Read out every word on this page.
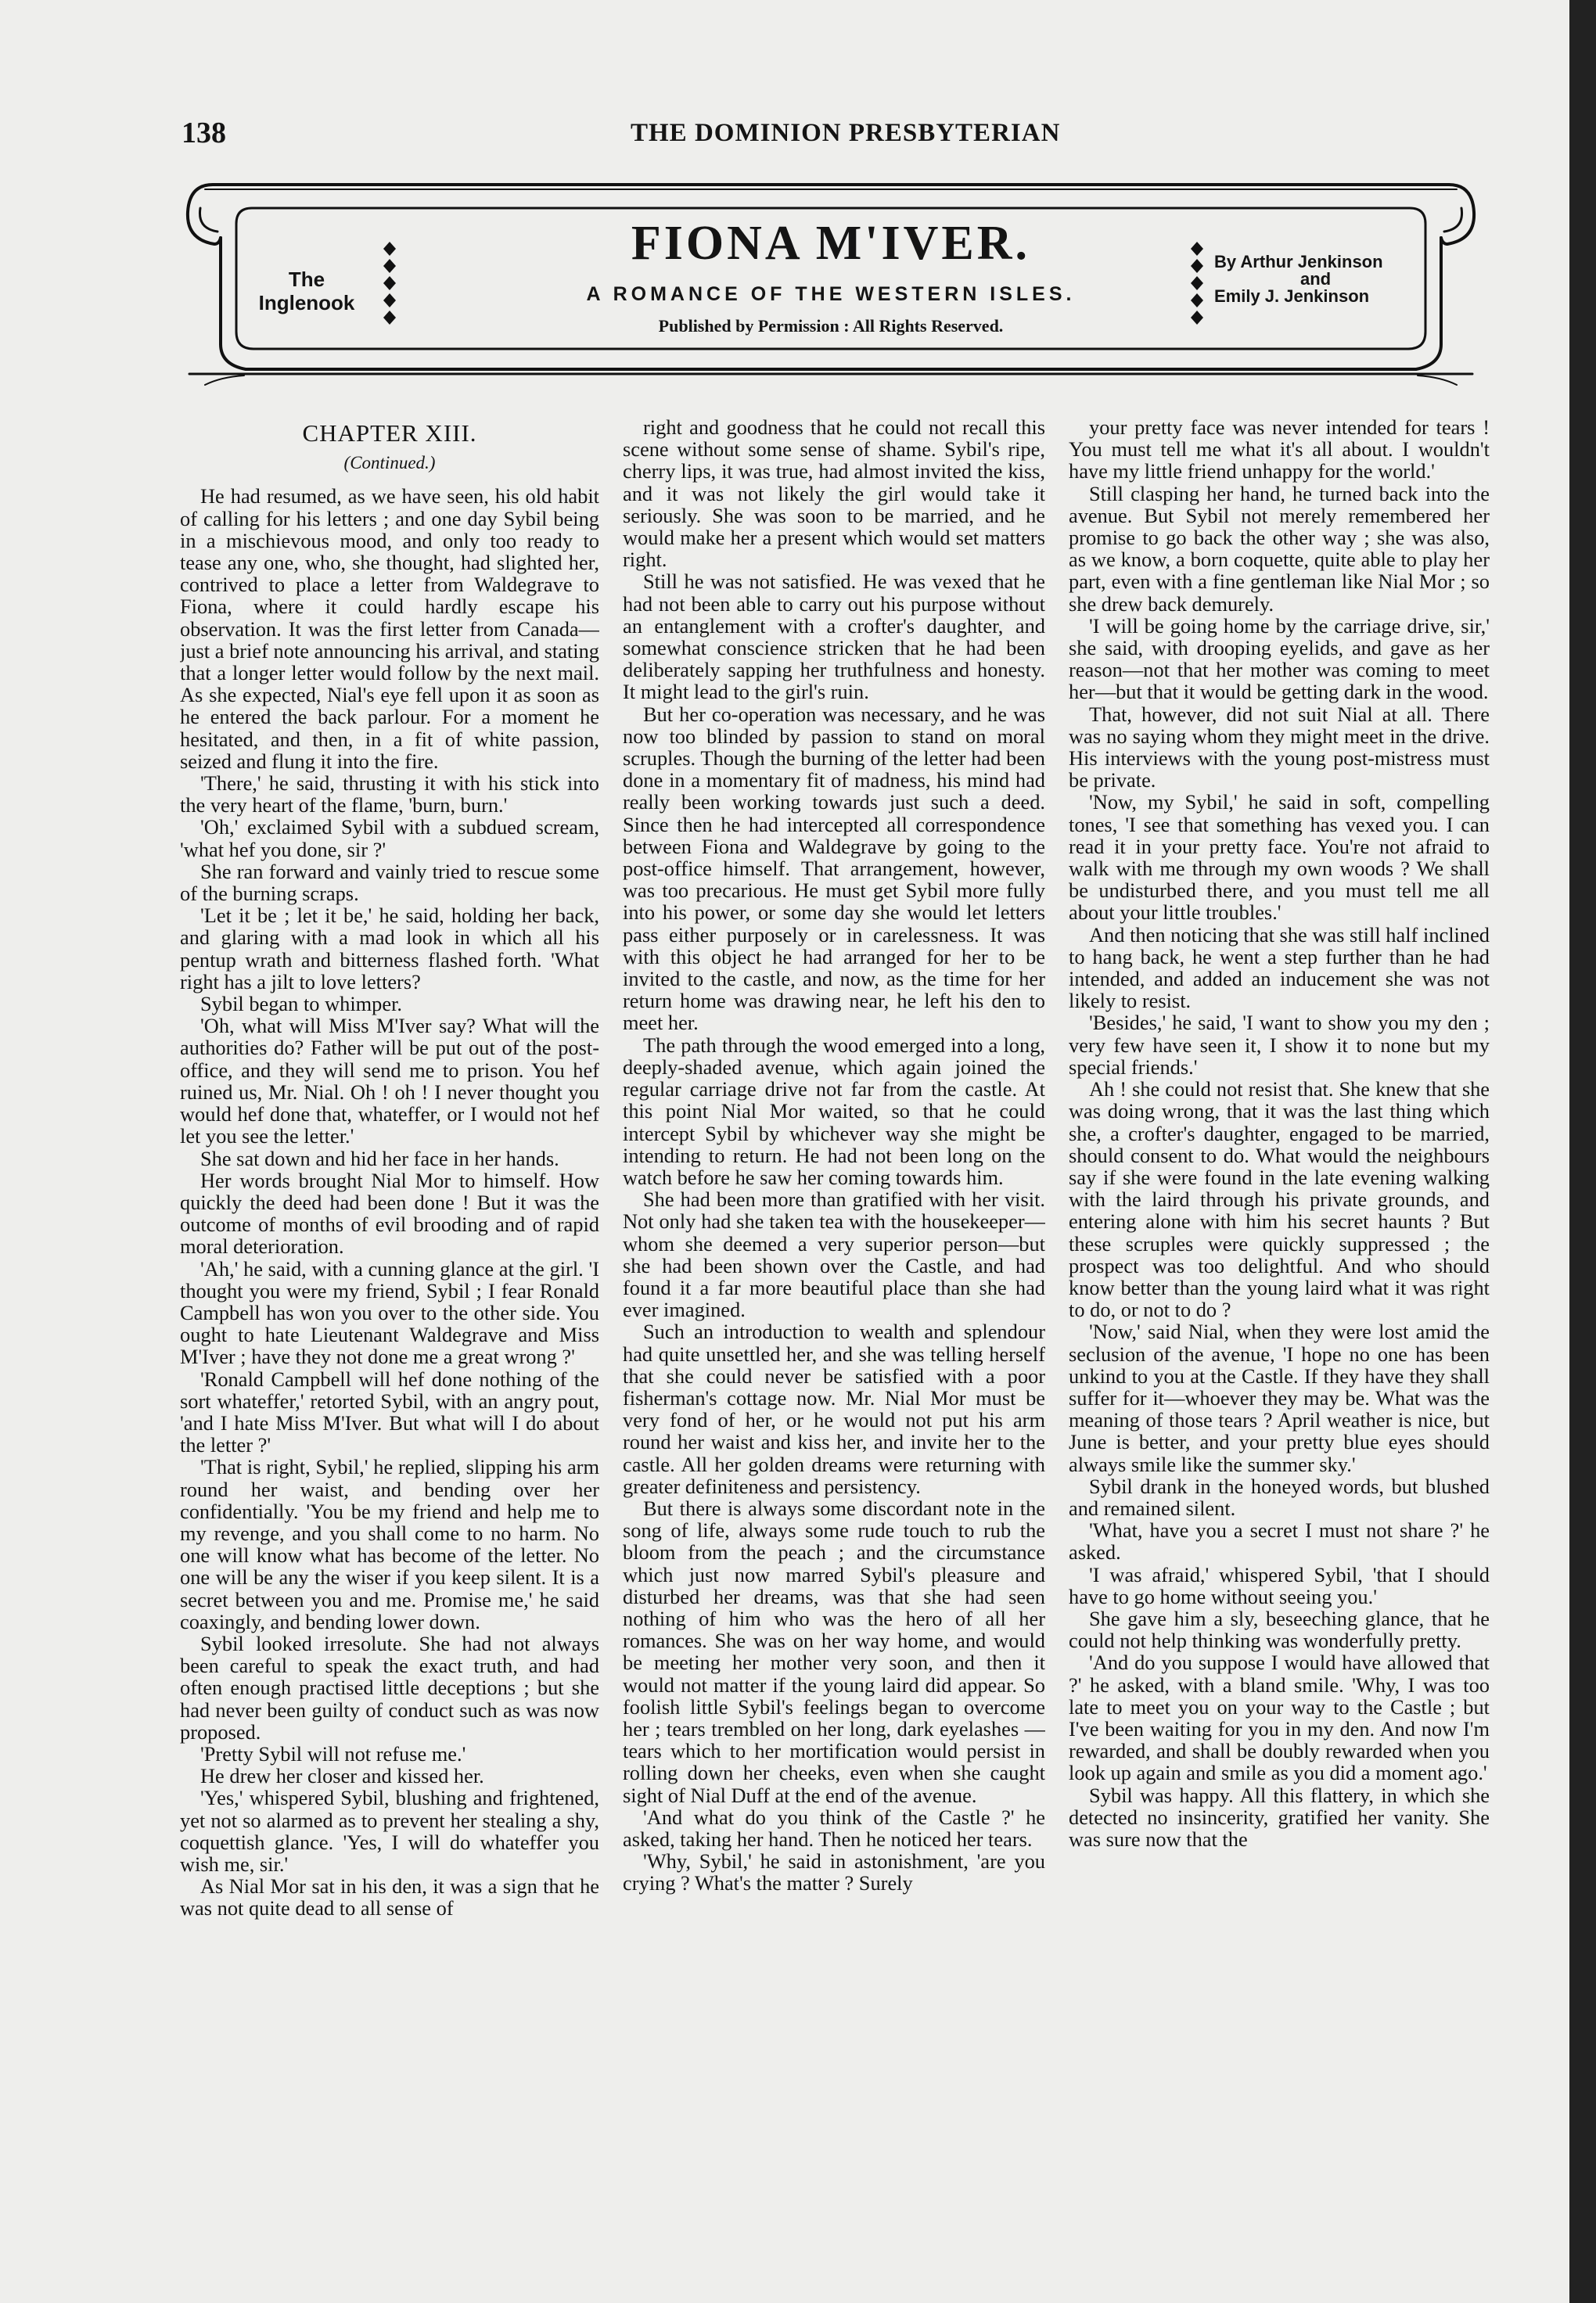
138	THE DOMINION PRESBYTERIAN
The Inglenook
FIONA M'IVER.
A ROMANCE OF THE WESTERN ISLES.
Published by Permission : All Rights Reserved.
By Arthur Jenkinson
and
Emily J. Jenkinson
CHAPTER XIII.
(Continued.)

He had resumed, as we have seen, his old habit of calling for his letters ; and one day Sybil being in a mischievous mood, and only too ready to tease any one, who, she thought, had slighted her, contrived to place a letter from Waldegrave to Fiona, where it could hardly escape his observation. It was the first letter from Canada—just a brief note announcing his arrival, and stating that a longer letter would follow by the next mail. As she expected, Nial's eye fell upon it as soon as he entered the back parlour. For a moment he hesitated, and then, in a fit of white passion, seized and flung it into the fire.

'There,' he said, thrusting it with his stick into the very heart of the flame, 'burn, burn.'

'Oh,' exclaimed Sybil with a subdued scream, 'what hef you done, sir ?'

She ran forward and vainly tried to rescue some of the burning scraps.

'Let it be ; let it be,' he said, holding her back, and glaring with a mad look in which all his pentup wrath and bitterness flashed forth. 'What right has a jilt to love letters?

Sybil began to whimper.

'Oh, what will Miss M'Iver say? What will the authorities do? Father will be put out of the post-office, and they will send me to prison. You hef ruined us, Mr. Nial. Oh ! oh ! I never thought you would hef done that, whateffer, or I would not hef let you see the letter.'

She sat down and hid her face in her hands.

Her words brought Nial Mor to himself. How quickly the deed had been done ! But it was the outcome of months of evil brooding and of rapid moral deterioration.

'Ah,' he said, with a cunning glance at the girl. 'I thought you were my friend, Sybil ; I fear Ronald Campbell has won you over to the other side. You ought to hate Lieutenant Waldegrave and Miss M'Iver ; have they not done me a great wrong ?'

'Ronald Campbell will hef done nothing of the sort whateffer,' retorted Sybil, with an angry pout, 'and I hate Miss M'Iver. But what will I do about the letter ?'

'That is right, Sybil,' he replied, slipping his arm round her waist, and bending over her confidentially. 'You be my friend and help me to my revenge, and you shall come to no harm. No one will know what has become of the letter. No one will be any the wiser if you keep silent. It is a secret between you and me. Promise me,' he said coaxingly, and bending lower down.

Sybil looked irresolute. She had not always been careful to speak the exact truth, and had often enough practised little deceptions ; but she had never been guilty of conduct such as was now proposed.

'Pretty Sybil will not refuse me.'

He drew her closer and kissed her.

'Yes,' whispered Sybil, blushing and frightened, yet not so alarmed as to prevent her stealing a shy, coquettish glance. 'Yes, I will do whateffer you wish me, sir.'

As Nial Mor sat in his den, it was a sign that he was not quite dead to all sense of

right and goodness that he could not recall this scene without some sense of shame. Sybil's ripe, cherry lips, it was true, had almost invited the kiss, and it was not likely the girl would take it seriously. She was soon to be married, and he would make her a present which would set matters right.

Still he was not satisfied. He was vexed that he had not been able to carry out his purpose without an entanglement with a crofter's daughter, and somewhat conscience stricken that he had been deliberately sapping her truthfulness and honesty. It might lead to the girl's ruin.

But her co-operation was necessary, and he was now too blinded by passion to stand on moral scruples. Though the burning of the letter had been done in a momentary fit of madness, his mind had really been working towards just such a deed. Since then he had intercepted all correspondence between Fiona and Waldegrave by going to the post-office himself. That arrangement, however, was too precarious. He must get Sybil more fully into his power, or some day she would let letters pass either purposely or in carelessness. It was with this object he had arranged for her to be invited to the castle, and now, as the time for her return home was drawing near, he left his den to meet her.

The path through the wood emerged into a long, deeply-shaded avenue, which again joined the regular carriage drive not far from the castle. At this point Nial Mor waited, so that he could intercept Sybil by whichever way she might be intending to return. He had not been long on the watch before he saw her coming towards him.

She had been more than gratified with her visit. Not only had she taken tea with the housekeeper—whom she deemed a very superior person—but she had been shown over the Castle, and had found it a far more beautiful place than she had ever imagined.

Such an introduction to wealth and splendour had quite unsettled her, and she was telling herself that she could never be satisfied with a poor fisherman's cottage now. Mr. Nial Mor must be very fond of her, or he would not put his arm round her waist and kiss her, and invite her to the castle. All her golden dreams were returning with greater definiteness and persistency.

But there is always some discordant note in the song of life, always some rude touch to rub the bloom from the peach ; and the circumstance which just now marred Sybil's pleasure and disturbed her dreams, was that she had seen nothing of him who was the hero of all her romances. She was on her way home, and would be meeting her mother very soon, and then it would not matter if the young laird did appear. So foolish little Sybil's feelings began to overcome her ; tears trembled on her long, dark eyelashes —tears which to her mortification would persist in rolling down her cheeks, even when she caught sight of Nial Duff at the end of the avenue.

'And what do you think of the Castle ?' he asked, taking her hand. Then he noticed her tears.

'Why, Sybil,' he said in astonishment, 'are you crying ? What's the matter ? Surely

your pretty face was never intended for tears ! You must tell me what it's all about. I wouldn't have my little friend unhappy for the world.'

Still clasping her hand, he turned back into the avenue. But Sybil not merely remembered her promise to go back the other way ; she was also, as we know, a born coquette, quite able to play her part, even with a fine gentleman like Nial Mor ; so she drew back demurely.

'I will be going home by the carriage drive, sir,' she said, with drooping eyelids, and gave as her reason—not that her mother was coming to meet her—but that it would be getting dark in the wood.

That, however, did not suit Nial at all. There was no saying whom they might meet in the drive. His interviews with the young post-mistress must be private.

'Now, my Sybil,' he said in soft, compelling tones, 'I see that something has vexed you. I can read it in your pretty face. You're not afraid to walk with me through my own woods ? We shall be undisturbed there, and you must tell me all about your little troubles.'

And then noticing that she was still half inclined to hang back, he went a step further than he had intended, and added an inducement she was not likely to resist.

'Besides,' he said, 'I want to show you my den ; very few have seen it, I show it to none but my special friends.'

Ah ! she could not resist that. She knew that she was doing wrong, that it was the last thing which she, a crofter's daughter, engaged to be married, should consent to do. What would the neighbours say if she were found in the late evening walking with the laird through his private grounds, and entering alone with him his secret haunts ? But these scruples were quickly suppressed ; the prospect was too delightful. And who should know better than the young laird what it was right to do, or not to do ?

'Now,' said Nial, when they were lost amid the seclusion of the avenue, 'I hope no one has been unkind to you at the Castle. If they have they shall suffer for it—whoever they may be. What was the meaning of those tears ? April weather is nice, but June is better, and your pretty blue eyes should always smile like the summer sky.'

Sybil drank in the honeyed words, but blushed and remained silent.

'What, have you a secret I must not share ?' he asked.

'I was afraid,' whispered Sybil, 'that I should have to go home without seeing you.'

She gave him a sly, beseeching glance, that he could not help thinking was wonderfully pretty.

'And do you suppose I would have allowed that ?' he asked, with a bland smile. 'Why, I was too late to meet you on your way to the Castle ; but I've been waiting for you in my den. And now I'm rewarded, and shall be doubly rewarded when you look up again and smile as you did a moment ago.'

Sybil was happy. All this flattery, in which she detected no insincerity, gratified her vanity. She was sure now that the
